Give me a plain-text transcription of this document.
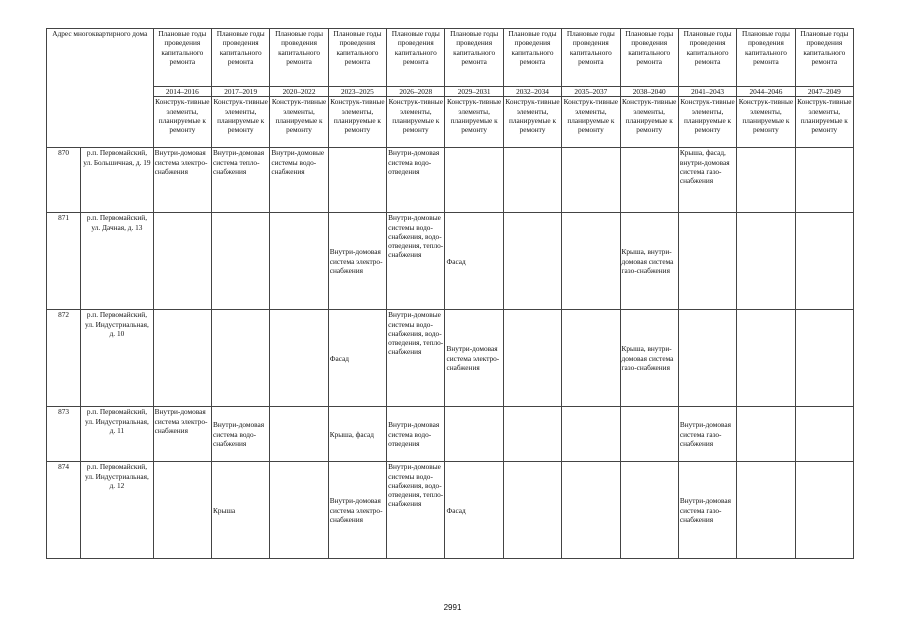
Адрес многоквартирного дома		Плановые годы проведения капитального ремонта	Плановые годы проведения капитального ремонта	Плановые годы проведения капитального ремонта	Плановые годы проведения капитального ремонта	Плановые годы проведения капитального ремонта	Плановые годы проведения капитального ремонта	Плановые годы проведения капитального ремонта	Плановые годы проведения капитального ремонта	Плановые годы проведения капитального ремонта	Плановые годы проведения капитального ремонта	Плановые годы проведения капитального ремонта	Плановые годы проведения капитального ремонта

		2014–2016	2017–2019	2020–2022	2023–2025	2026–2028	2029–2031	2032–2034	2035–2037	2038–2040	2041–2043	2044–2046	2047–2049
		Конструк-тивные элементы, планируемые к ремонту	Конструк-тивные элементы, планируемые к ремонту	Конструк-тивные элементы, планируемые к ремонту	Конструк-тивные элементы, планируемые к ремонту	Конструк-тивные элементы, планируемые к ремонту	Конструк-тивные элементы, планируемые к ремонту	Конструк-тивные элементы, планируемые к ремонту	Конструк-тивные элементы, планируемые к ремонту	Конструк-тивные элементы, планируемые к ремонту	Конструк-тивные элементы, планируемые к ремонту	Конструк-тивные элементы, планируемые к ремонту	Конструк-тивные элементы, планируемые к ремонту
870	р.п. Первомайский, ул. Большичная, д. 19	Внутри-домовая система электро-снабжения	Внутри-домовая система тепло-снабжения	Внутри-домовые системы водо-снабжения		Внутри-домовая система водо-отведения					Крыша, фасад, внутри-домовая система газо-снабжения		
871	р.п. Первомайский, ул. Дачная, д. 13				Внутри-домовая система электро-снабжения	Внутри-домовые системы водо-снабжения, водо-отведения, тепло-снабжения	Фасад			Крыша, внутри-домовая система газо-снабжения			
872	р.п. Первомайский, ул. Индустриальная, д. 10				Фасад	Внутри-домовые системы водо-снабжения, водо-отведения, тепло-снабжения	Внутри-домовая система электро-снабжения			Крыша, внутри-домовая система газо-снабжения			
873	р.п. Первомайский, ул. Индустриальная, д. 11	Внутри-домовая система электро-снабжения	Внутри-домовая система водо-снабжения		Крыша, фасад	Внутри-домовая система водо-отведения					Внутри-домовая система газо-снабжения		
874	р.п. Первомайский, ул. Индустриальная, д. 12		Крыша		Внутри-домовая система электро-снабжения	Внутри-домовые системы водо-снабжения, водо-отведения, тепло-снабжения	Фасад				Внутри-домовая система газо-снабжения		
2991
